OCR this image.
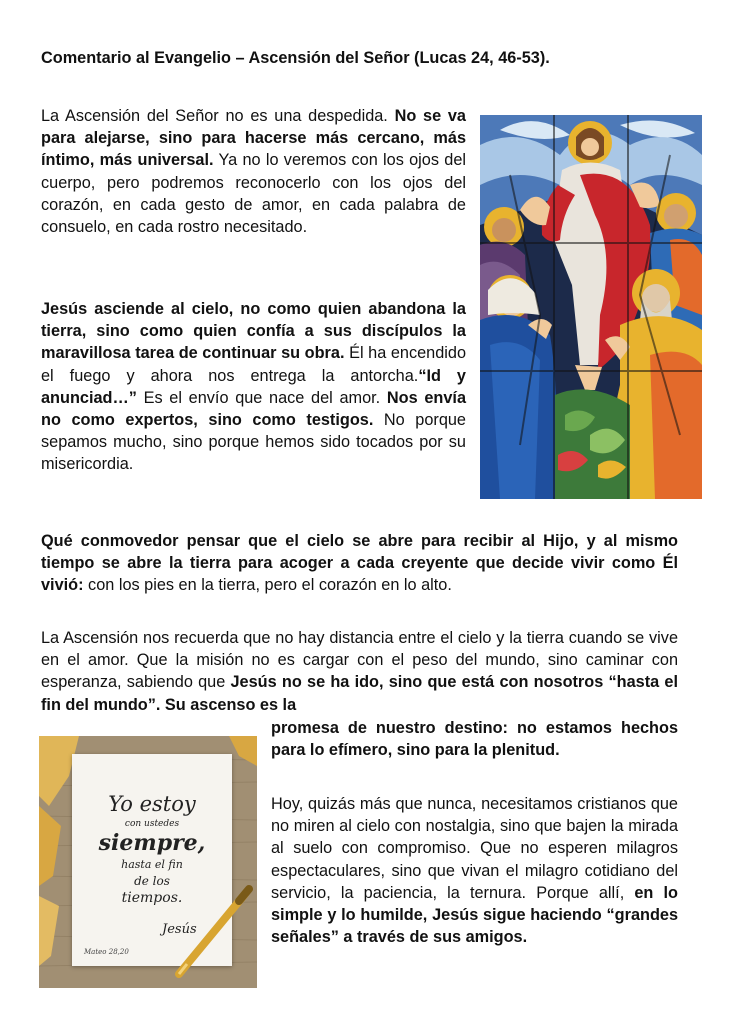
Comentario al Evangelio – Ascensión del Señor (Lucas 24, 46-53).

La Ascensión del Señor no es una despedida. No se va para alejarse, sino para hacerse más cercano, más íntimo, más universal. Ya no lo veremos con los ojos del cuerpo, pero podremos reconocerlo con los ojos del corazón, en cada gesto de amor, en cada palabra de consuelo, en cada rostro necesitado.

Jesús asciende al cielo, no como quien abandona la tierra, sino como quien confía a sus discípulos la maravillosa tarea de continuar su obra. Él ha encendido el fuego y ahora nos entrega la antorcha.“Id y anunciad…” Es el envío que nace del amor. Nos envía no como expertos, sino como testigos. No porque sepamos mucho, sino porque hemos sido tocados por su misericordia.

Qué conmovedor pensar que el cielo se abre para recibir al Hijo, y al mismo tiempo se abre la tierra para acoger a cada creyente que decide vivir como Él vivió: con los pies en la tierra, pero el corazón en lo alto.

La Ascensión nos recuerda que no hay distancia entre el cielo y la tierra cuando se vive en el amor. Que la misión no es cargar con el peso del mundo, sino caminar con esperanza, sabiendo que Jesús no se ha ido, sino que está con nosotros “hasta el fin del mundo”. Su ascenso es la

promesa de nuestro destino: no estamos hechos para lo efímero, sino para la plenitud.

Yo estoy
con ustedes
siempre,
hasta el fin
de los
tiempos.
Jesús
Mateo 28,20

Hoy, quizás más que nunca, necesitamos cristianos que no miren al cielo con nostalgia, sino que bajen la mirada al suelo con compromiso. Que no esperen milagros espectaculares, sino que vivan el milagro cotidiano del servicio, la paciencia, la ternura. Porque allí, en lo simple y lo humilde, Jesús sigue haciendo “grandes señales” a través de sus amigos.
